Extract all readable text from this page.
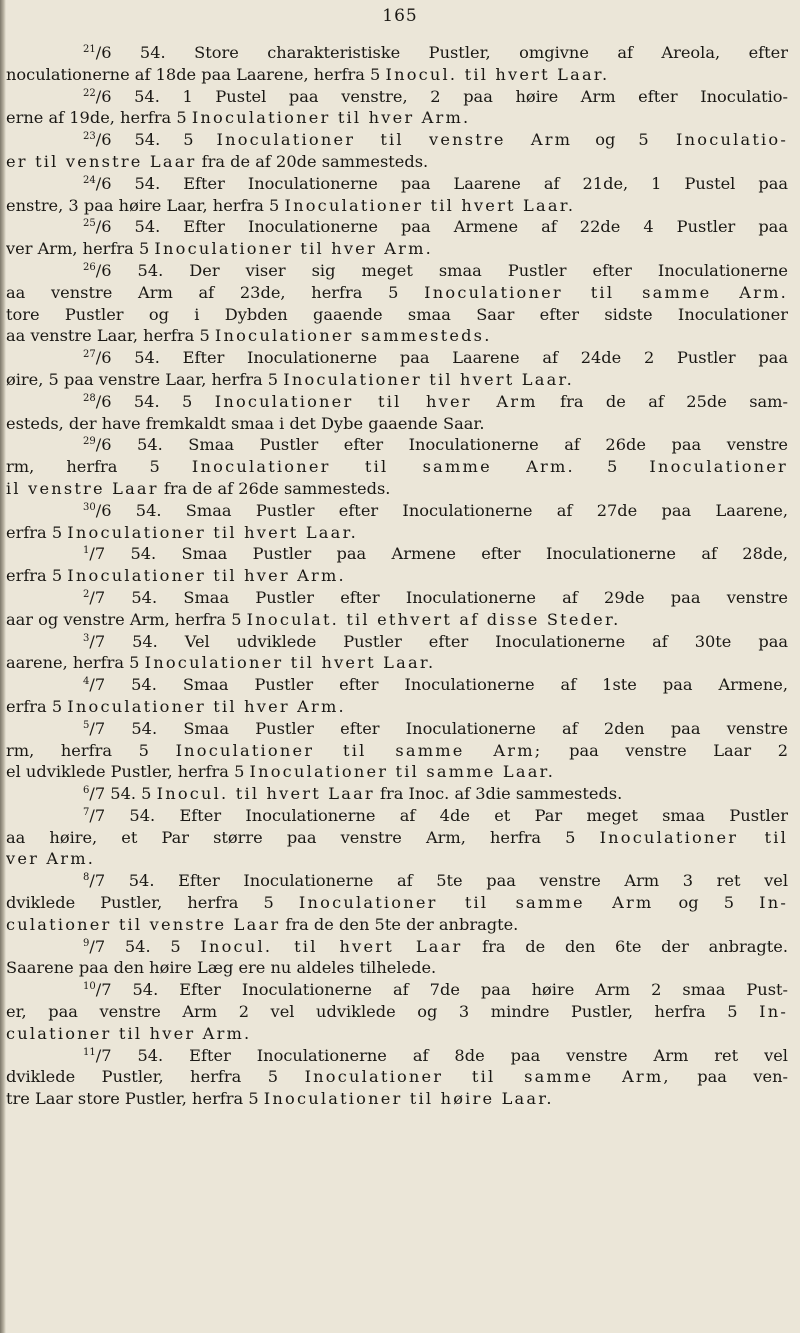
165
$^{21}$/6 54. Store charakteristiske Pustler, omgivne af Areola, efter
noculationerne af 18de paa Laarene, herfra 5 Inocul. til hvert Laar.
$^{22}$/6 54. 1 Pustel paa venstre, 2 paa høire Arm efter Inoculatio-
erne af 19de, herfra 5 Inoculationer til hver Arm.
$^{23}$/6 54. 5 Inoculationer til venstre Arm og 5 Inoculatio-
er til venstre Laar fra de af 20de sammesteds.
$^{24}$/6 54. Efter Inoculationerne paa Laarene af 21de, 1 Pustel paa
enstre, 3 paa høire Laar, herfra 5 Inoculationer til hvert Laar.
$^{25}$/6 54. Efter Inoculationerne paa Armene af 22de 4 Pustler paa
ver Arm, herfra 5 Inoculationer til hver Arm.
$^{26}$/6 54. Der viser sig meget smaa Pustler efter Inoculationerne
aa venstre Arm af 23de, herfra 5 Inoculationer til samme Arm.
tore Pustler og i Dybden gaaende smaa Saar efter sidste Inoculationer
aa venstre Laar, herfra 5 Inoculationer sammesteds.
$^{27}$/6 54. Efter Inoculationerne paa Laarene af 24de 2 Pustler paa
øire, 5 paa venstre Laar, herfra 5 Inoculationer til hvert Laar.
$^{28}$/6 54. 5 Inoculationer til hver Arm fra de af 25de sam-
esteds, der have fremkaldt smaa i det Dybe gaaende Saar.
$^{29}$/6 54. Smaa Pustler efter Inoculationerne af 26de paa venstre
rm, herfra 5 Inoculationer til samme Arm. 5 Inoculationer
il venstre Laar fra de af 26de sammesteds.
$^{30}$/6 54. Smaa Pustler efter Inoculationerne af 27de paa Laarene,
erfra 5 Inoculationer til hvert Laar.
$^1$/7 54. Smaa Pustler paa Armene efter Inoculationerne af 28de,
erfra 5 Inoculationer til hver Arm.
$^2$/7 54. Smaa Pustler efter Inoculationerne af 29de paa venstre
aar og venstre Arm, herfra 5 Inoculat. til ethvert af disse Steder.
$^3$/7 54. Vel udviklede Pustler efter Inoculationerne af 30te paa
aarene, herfra 5 Inoculationer til hvert Laar.
$^4$/7 54. Smaa Pustler efter Inoculationerne af 1ste paa Armene,
erfra 5 Inoculationer til hver Arm.
$^5$/7 54. Smaa Pustler efter Inoculationerne af 2den paa venstre
rm, herfra 5 Inoculationer til samme Arm; paa venstre Laar 2
el udviklede Pustler, herfra 5 Inoculationer til samme Laar.
$^6$/7 54. 5 Inocul. til hvert Laar fra Inoc. af 3die sammesteds.
$^7$/7 54. Efter Inoculationerne af 4de et Par meget smaa Pustler
aa høire, et Par større paa venstre Arm, herfra 5 Inoculationer til
ver Arm.
$^8$/7 54. Efter Inoculationerne af 5te paa venstre Arm 3 ret vel
dviklede Pustler, herfra 5 Inoculationer til samme Arm og 5 In-
culationer til venstre Laar fra de den 5te der anbragte.
$^9$/7 54. 5 Inocul. til hvert Laar fra de den 6te der anbragte.
Saarene paa den høire Læg ere nu aldeles tilhelede.
$^{10}$/7 54. Efter Inoculationerne af 7de paa høire Arm 2 smaa Pust-
er, paa venstre Arm 2 vel udviklede og 3 mindre Pustler, herfra 5 In-
culationer til hver Arm.
$^{11}$/7 54. Efter Inoculationerne af 8de paa venstre Arm ret vel
dviklede Pustler, herfra 5 Inoculationer til samme Arm, paa ven-
tre Laar store Pustler, herfra 5 Inoculationer til høire Laar.
